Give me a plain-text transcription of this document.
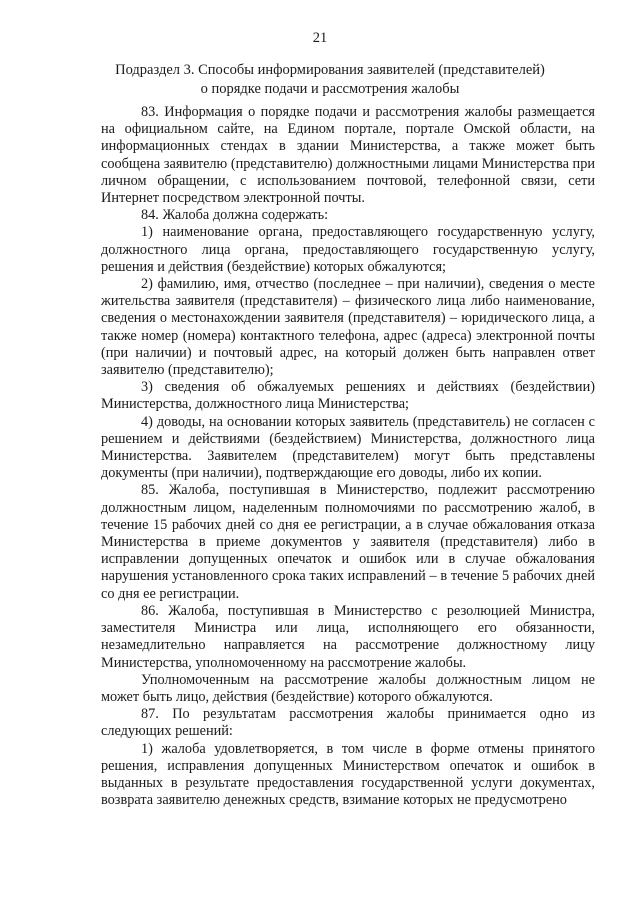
21
Подраздел 3. Способы информирования заявителей (представителей)
о порядке подачи и рассмотрения жалобы

83. Информация о порядке подачи и рассмотрения жалобы размещается на официальном сайте, на Едином портале, портале Омской области, на информационных стендах в здании Министерства, а также может быть сообщена заявителю (представителю) должностными лицами Министерства при личном обращении, с использованием почтовой, телефонной связи, сети Интернет посредством электронной почты.

84. Жалоба должна содержать:

1) наименование органа, предоставляющего государственную услугу, должностного лица органа, предоставляющего государственную услугу, решения и действия (бездействие) которых обжалуются;

2) фамилию, имя, отчество (последнее – при наличии), сведения о месте жительства заявителя (представителя) – физического лица либо наименование, сведения о местонахождении заявителя (представителя) – юридического лица, а также номер (номера) контактного телефона, адрес (адреса) электронной почты (при наличии) и почтовый адрес, на который должен быть направлен ответ заявителю (представителю);

3) сведения об обжалуемых решениях и действиях (бездействии) Министерства, должностного лица Министерства;

4) доводы, на основании которых заявитель (представитель) не согласен с решением и действиями (бездействием) Министерства, должностного лица Министерства. Заявителем (представителем) могут быть представлены документы (при наличии), подтверждающие его доводы, либо их копии.

85. Жалоба, поступившая в Министерство, подлежит рассмотрению должностным лицом, наделенным полномочиями по рассмотрению жалоб, в течение 15 рабочих дней со дня ее регистрации, а в случае обжалования отказа Министерства в приеме документов у заявителя (представителя) либо в исправлении допущенных опечаток и ошибок или в случае обжалования нарушения установленного срока таких исправлений – в течение 5 рабочих дней со дня ее регистрации.

86. Жалоба, поступившая в Министерство с резолюцией Министра, заместителя Министра или лица, исполняющего его обязанности, незамедлительно направляется на рассмотрение должностному лицу Министерства, уполномоченному на рассмотрение жалобы.

Уполномоченным на рассмотрение жалобы должностным лицом не может быть лицо, действия (бездействие) которого обжалуются.

87. По результатам рассмотрения жалобы принимается одно из следующих решений:

1) жалоба удовлетворяется, в том числе в форме отмены принятого решения, исправления допущенных Министерством опечаток и ошибок в выданных в результате предоставления государственной услуги документах, возврата заявителю денежных средств, взимание которых не предусмотрено
